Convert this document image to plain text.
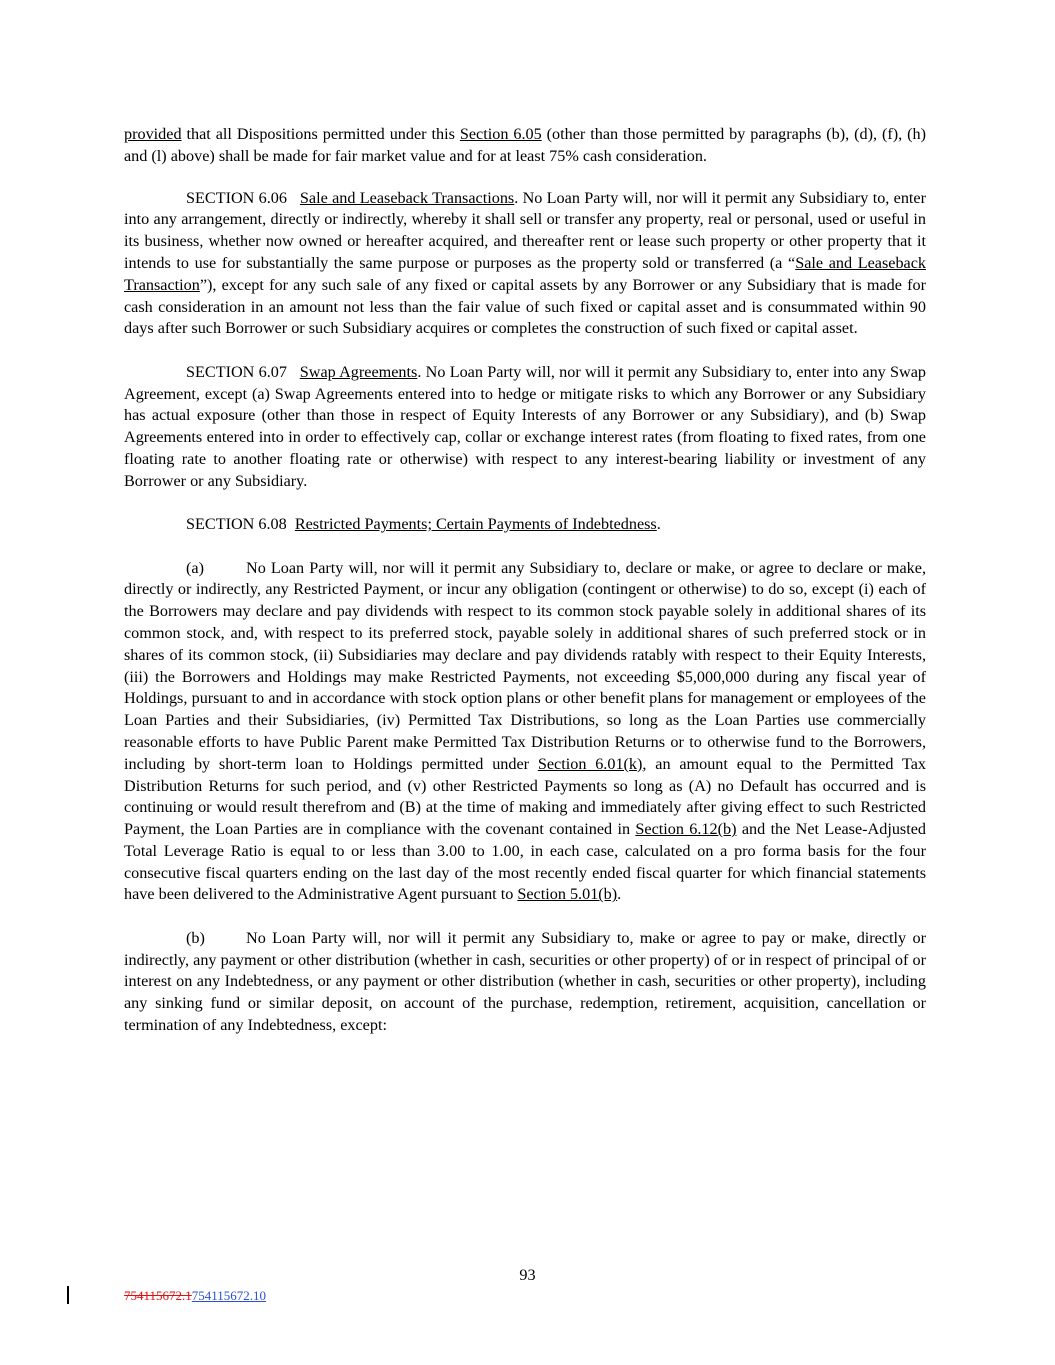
provided that all Dispositions permitted under this Section 6.05 (other than those permitted by paragraphs (b), (d), (f), (h) and (l) above) shall be made for fair market value and for at least 75% cash consideration.

SECTION 6.06 Sale and Leaseback Transactions. No Loan Party will, nor will it permit any Subsidiary to, enter into any arrangement, directly or indirectly, whereby it shall sell or transfer any property, real or personal, used or useful in its business, whether now owned or hereafter acquired, and thereafter rent or lease such property or other property that it intends to use for substantially the same purpose or purposes as the property sold or transferred (a “Sale and Leaseback Transaction”), except for any such sale of any fixed or capital assets by any Borrower or any Subsidiary that is made for cash consideration in an amount not less than the fair value of such fixed or capital asset and is consummated within 90 days after such Borrower or such Subsidiary acquires or completes the construction of such fixed or capital asset.

SECTION 6.07 Swap Agreements. No Loan Party will, nor will it permit any Subsidiary to, enter into any Swap Agreement, except (a) Swap Agreements entered into to hedge or mitigate risks to which any Borrower or any Subsidiary has actual exposure (other than those in respect of Equity Interests of any Borrower or any Subsidiary), and (b) Swap Agreements entered into in order to effectively cap, collar or exchange interest rates (from floating to fixed rates, from one floating rate to another floating rate or otherwise) with respect to any interest-bearing liability or investment of any Borrower or any Subsidiary.

SECTION 6.08 Restricted Payments; Certain Payments of Indebtedness.

(a)	No Loan Party will, nor will it permit any Subsidiary to, declare or make, or agree to declare or make, directly or indirectly, any Restricted Payment, or incur any obligation (contingent or otherwise) to do so, except (i) each of the Borrowers may declare and pay dividends with respect to its common stock payable solely in additional shares of its common stock, and, with respect to its preferred stock, payable solely in additional shares of such preferred stock or in shares of its common stock, (ii) Subsidiaries may declare and pay dividends ratably with respect to their Equity Interests, (iii) the Borrowers and Holdings may make Restricted Payments, not exceeding $5,000,000 during any fiscal year of Holdings, pursuant to and in accordance with stock option plans or other benefit plans for management or employees of the Loan Parties and their Subsidiaries, (iv) Permitted Tax Distributions, so long as the Loan Parties use commercially reasonable efforts to have Public Parent make Permitted Tax Distribution Returns or to otherwise fund to the Borrowers, including by short-term loan to Holdings permitted under Section 6.01(k), an amount equal to the Permitted Tax Distribution Returns for such period, and (v) other Restricted Payments so long as (A) no Default has occurred and is continuing or would result therefrom and (B) at the time of making and immediately after giving effect to such Restricted Payment, the Loan Parties are in compliance with the covenant contained in Section 6.12(b) and the Net Lease-Adjusted Total Leverage Ratio is equal to or less than 3.00 to 1.00, in each case, calculated on a pro forma basis for the four consecutive fiscal quarters ending on the last day of the most recently ended fiscal quarter for which financial statements have been delivered to the Administrative Agent pursuant to Section 5.01(b).

(b)	No Loan Party will, nor will it permit any Subsidiary to, make or agree to pay or make, directly or indirectly, any payment or other distribution (whether in cash, securities or other property) of or in respect of principal of or interest on any Indebtedness, or any payment or other distribution (whether in cash, securities or other property), including any sinking fund or similar deposit, on account of the purchase, redemption, retirement, acquisition, cancellation or termination of any Indebtedness, except:

93
754115672.1754115672.10
